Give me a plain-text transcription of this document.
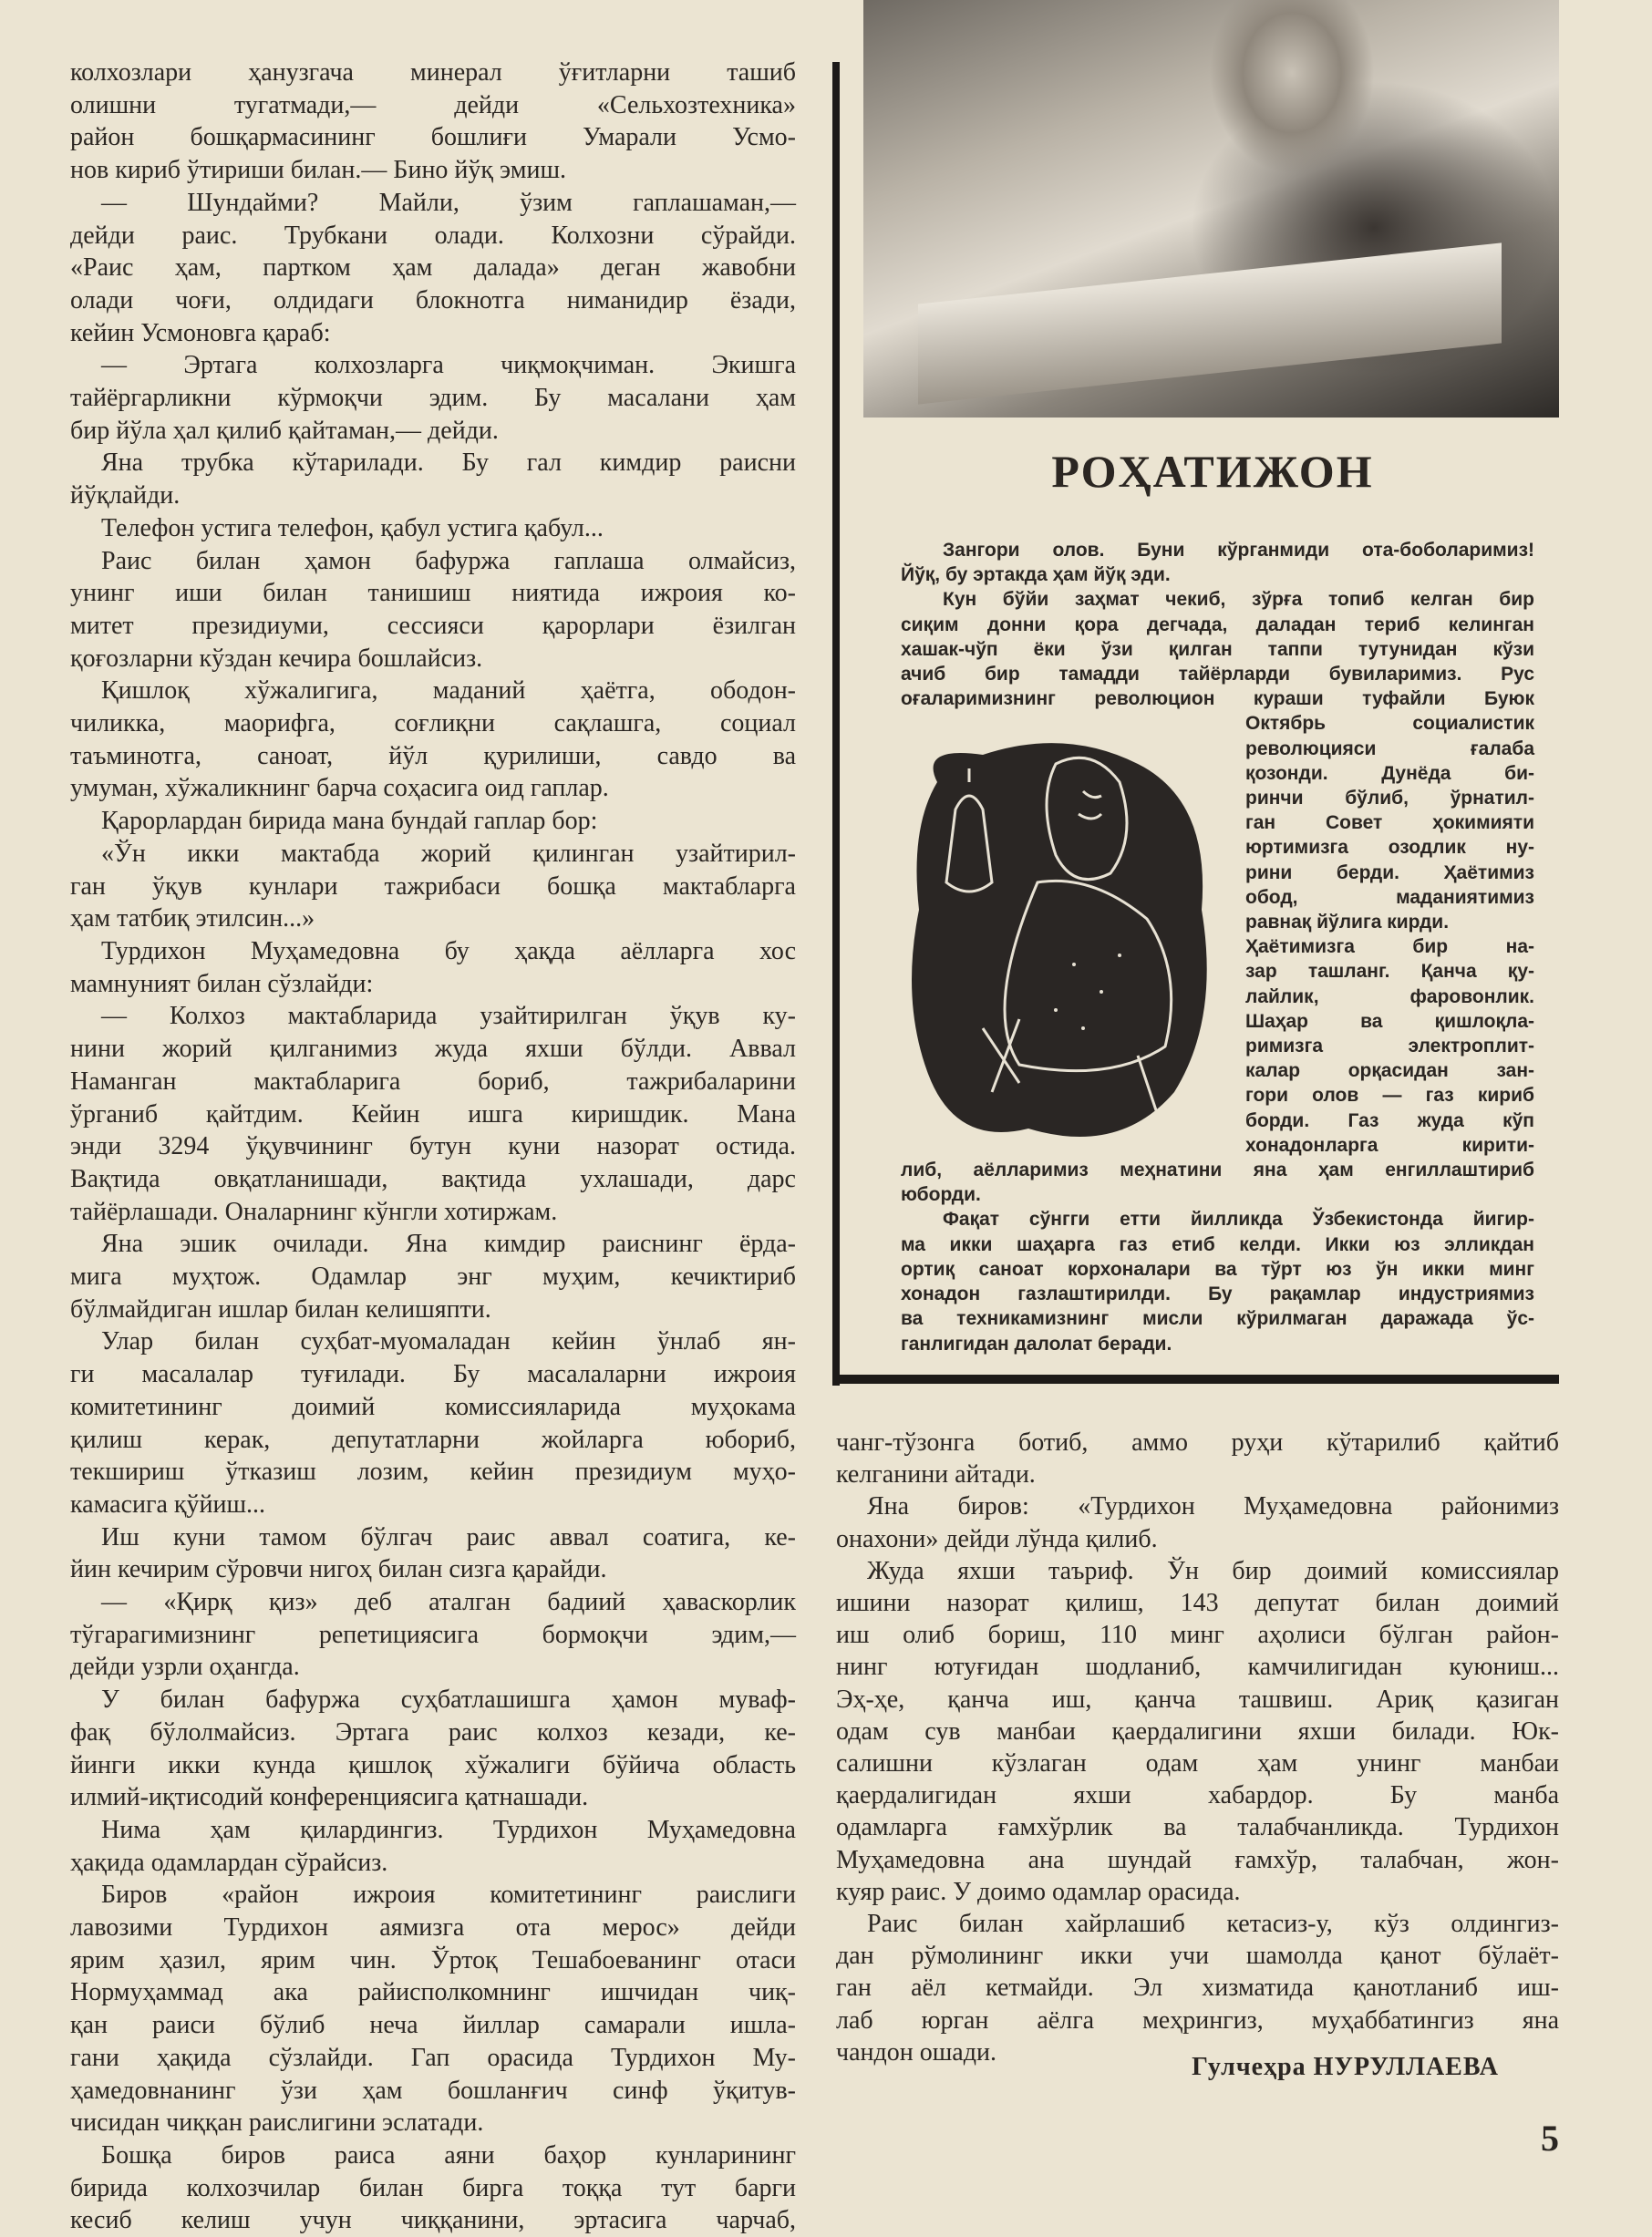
колхозлари ҳанузгача минерал ўғитларни ташиб
олишни тугатмади,— дейди «Сельхозтехника»
район бошқармасининг бошлиғи Умарали Усмо-
нов кириб ўтириши билан.— Бино йўқ эмиш.
— Шундайми? Майли, ўзим гаплашаман,—
дейди раис. Трубкани олади. Колхозни сўрайди.
«Раис ҳам, партком ҳам далада» деган жавобни
олади чоғи, олдидаги блокнотга ниманидир ёзади,
кейин Усмоновга қараб:
— Эртага колхозларга чиқмоқчиман. Экишга
тайёргарликни кўрмоқчи эдим. Бу масалани ҳам
бир йўла ҳал қилиб қайтаман,— дейди.
Яна трубка кўтарилади. Бу гал кимдир раисни
йўқлайди.
Телефон устига телефон, қабул устига қабул...
Раис билан ҳамон бафуржа гаплаша олмайсиз,
унинг иши билан танишиш ниятида ижроия ко-
митет президиуми, сессияси қарорлари ёзилган
қоғозларни кўздан кечира бошлайсиз.
Қишлоқ хўжалигига, маданий ҳаётга, ободон-
чиликка, маорифга, соғлиқни сақлашга, социал
таъминотга, саноат, йўл қурилиши, савдо ва
умуман, хўжаликнинг барча соҳасига оид гаплар.
Қарорлардан бирида мана бундай гаплар бор:
«Ўн икки мактабда жорий қилинган узайтирил-
ган ўқув кунлари тажрибаси бошқа мактабларга
ҳам татбиқ этилсин...»
Турдихон Муҳамедовна бу ҳақда аёлларга хос
мамнуният билан сўзлайди:
— Колхоз мактабларида узайтирилган ўқув ку-
нини жорий қилганимиз жуда яхши бўлди. Аввал
Наманган мактабларига бориб, тажрибаларини
ўрганиб қайтдим. Кейин ишга киришдик. Мана
энди 3294 ўқувчининг бутун куни назорат остида.
Вақтида овқатланишади, вақтида ухлашади, дарс
тайёрлашади. Оналарнинг кўнгли хотиржам.
Яна эшик очилади. Яна кимдир раиснинг ёрда-
мига муҳтож. Одамлар энг муҳим, кечиктириб
бўлмайдиган ишлар билан келишяпти.
Улар билан суҳбат-муомаладан кейин ўнлаб ян-
ги масалалар туғилади. Бу масалаларни ижроия
комитетининг доимий комиссияларида муҳокама
қилиш керак, депутатларни жойларга юбориб,
текшириш ўтказиш лозим, кейин президиум муҳо-
камасига қўйиш...
Иш куни тамом бўлгач раис аввал соатига, ке-
йин кечирим сўровчи нигоҳ билан сизга қарайди.
— «Қирқ қиз» деб аталган бадиий ҳаваскорлик
тўгарагимизнинг репетициясига бормоқчи эдим,—
дейди узрли оҳангда.
У билан бафуржа суҳбатлашишга ҳамон муваф-
фақ бўлолмайсиз. Эртага раис колхоз кезади, ке-
йинги икки кунда қишлоқ хўжалиги бўйича область
илмий-иқтисодий конференциясига қатнашади.
Нима ҳам қилардингиз. Турдихон Муҳамедовна
ҳақида одамлардан сўрайсиз.
Биров «район ижроия комитетининг раислиги
лавозими Турдихон аямизга ота мерос» дейди
ярим ҳазил, ярим чин. Ўртоқ Тешабоеванинг отаси
Нормуҳаммад ака райисполкомнинг ишчидан чиқ-
қан раиси бўлиб неча йиллар самарали ишла-
гани ҳақида сўзлайди. Гап орасида Турдихон Му-
ҳамедовнанинг ўзи ҳам бошланғич синф ўқитув-
чисидан чиққан раислигини эслатади.
Бошқа биров раиса аяни баҳор кунларининг
бирида колхозчилар билан бирга тоққа тут барги
кесиб келиш учун чиққанини, эртасига чарчаб,
РОҲАТИЖОН
Зангори олов. Буни кўрганмиди ота-боболаримиз!
Йўқ, бу эртакда ҳам йўқ эди.
Кун бўйи заҳмат чекиб, зўрға топиб келган бир
сиқим донни қора дегчада, даладан териб келинган
хашак-чўп ёки ўзи қилган таппи тутунидан кўзи
ачиб бир тамадди тайёрларди бувиларимиз. Рус
оғаларимизнинг революцион кураши туфайли Буюк
Октябрь социалистик
революцияси ғалаба
қозонди. Дунёда би-
ринчи бўлиб, ўрнатил-
ган Совет ҳокимияти
юртимизга озодлик ну-
рини берди. Ҳаётимиз
обод, маданиятимиз
равнақ йўлига кирди.
Ҳаётимизга бир на-
зар ташланг. Қанча қу-
лайлик, фаровонлик.
Шаҳар ва қишлоқла-
римизга электроплит-
калар орқасидан зан-
гори олов — газ кириб
борди. Газ жуда кўп
хонадонларга кирити-
либ, аёлларимиз меҳнатини яна ҳам енгиллаштириб
юборди.
Фақат сўнгги етти йилликда Ўзбекистонда йигир-
ма икки шаҳарга газ етиб келди. Икки юз элликдан
ортиқ саноат корхоналари ва тўрт юз ўн икки минг
хонадон газлаштирилди. Бу рақамлар индустриямиз
ва техникамизнинг мисли кўрилмаган даражада ўс-
ганлигидан далолат беради.
чанг-тўзонга ботиб, аммо руҳи кўтарилиб қайтиб
келганини айтади.
Яна биров: «Турдихон Муҳамедовна районимиз
онахони» дейди лўнда қилиб.
Жуда яхши таъриф. Ўн бир доимий комиссиялар
ишини назорат қилиш, 143 депутат билан доимий
иш олиб бориш, 110 минг аҳолиси бўлган район-
нинг ютуғидан шодланиб, камчилигидан куюниш...
Эҳ-ҳе, қанча иш, қанча ташвиш. Ариқ қазиган
одам сув манбаи қаердалигини яхши билади. Юк-
салишни кўзлаган одам ҳам унинг манбаи
қаердалигидан яхши хабардор. Бу манба
одамларга ғамхўрлик ва талабчанликда. Турдихон
Муҳамедовна ана шундай ғамхўр, талабчан, жон-
куяр раис. У доимо одамлар орасида.
Раис билан хайрлашиб кетасиз-у, кўз олдингиз-
дан рўмолининг икки учи шамолда қанот бўлаёт-
ган аёл кетмайди. Эл хизматида қанотланиб иш-
лаб юрган аёлга меҳрингиз, муҳаббатингиз яна
чандон ошади.
Гулчеҳра НУРУЛЛАЕВА
5
